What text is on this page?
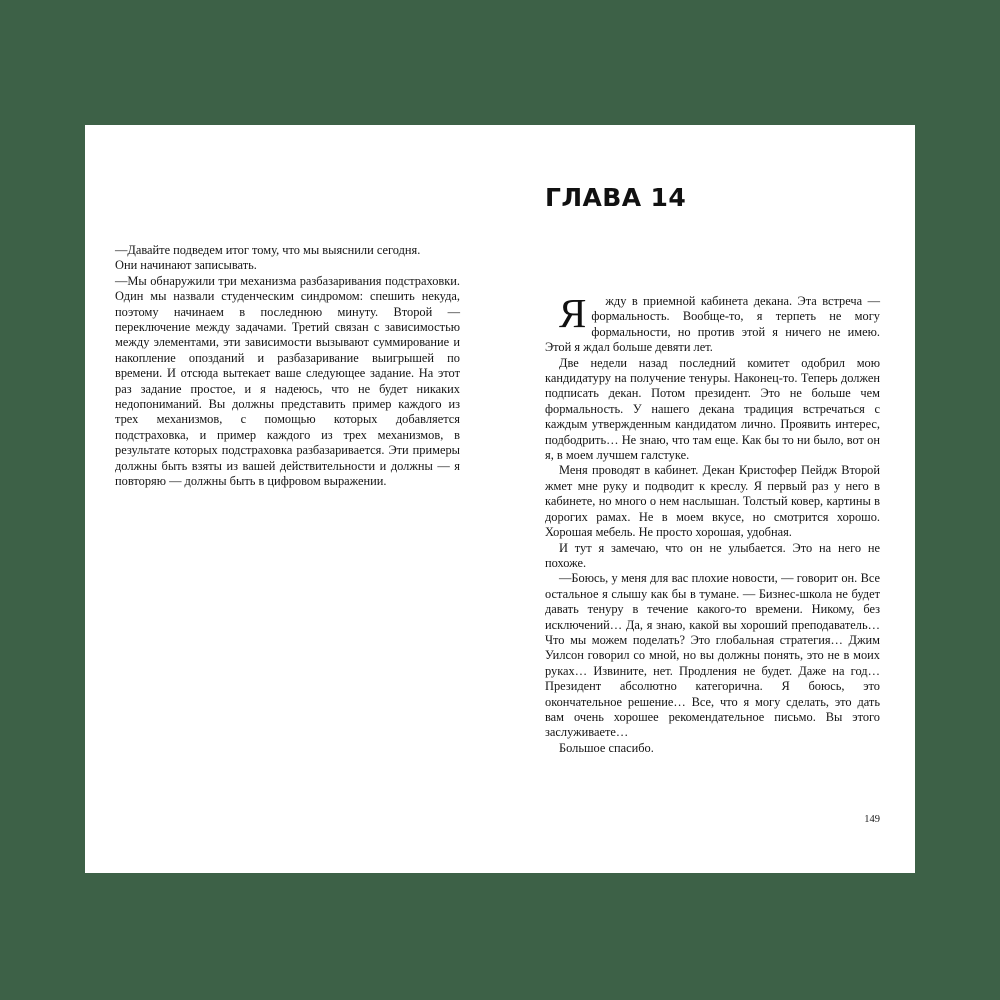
—Давайте подведем итог тому, что мы выяснили сегодня.

Они начинают записывать.

—Мы обнаружили три механизма разбазаривания подстраховки. Один мы назвали студенческим синдромом: спешить некуда, поэтому начинаем в последнюю минуту. Второй — переключение между задачами. Третий связан с зависимостью между элементами, эти зависимости вызывают суммирование и накопление опозданий и разбазаривание выигрышей по времени. И отсюда вытекает ваше следующее задание. На этот раз задание простое, и я надеюсь, что не будет никаких недопониманий. Вы должны представить пример каждого из трех механизмов, с помощью которых добавляется подстраховка, и пример каждого из трех механизмов, в результате которых подстраховка разбазаривается. Эти примеры должны быть взяты из вашей действительности и должны — я повторяю — должны быть в цифровом выражении.

ГЛАВА 14

Я	жду в приемной кабинета декана. Эта встреча — формальность. Вообще-то, я терпеть не могу формальности, но против этой я ничего не имею. Этой я ждал больше девяти лет.

Две недели назад последний комитет одобрил мою кандидатуру на получение тенуры. Наконец-то. Теперь должен подписать декан. Потом президент. Это не больше чем формальность. У нашего декана традиция встречаться с каждым утвержденным кандидатом лично. Проявить интерес, подбодрить… Не знаю, что там еще. Как бы то ни было, вот он я, в моем лучшем галстуке.

Меня проводят в кабинет. Декан Кристофер Пейдж Второй жмет мне руку и подводит к креслу. Я первый раз у него в кабинете, но много о нем наслышан. Толстый ковер, картины в дорогих рамах. Не в моем вкусе, но смотрится хорошо. Хорошая мебель. Не просто хорошая, удобная.

И тут я замечаю, что он не улыбается. Это на него не похоже.

—Боюсь, у меня для вас плохие новости, — говорит он. Все остальное я слышу как бы в тумане. — Бизнес-школа не будет давать тенуру в течение какого-то времени. Никому, без исключений… Да, я знаю, какой вы хороший преподаватель… Что мы можем поделать? Это глобальная стратегия… Джим Уилсон говорил со мной, но вы должны понять, это не в моих руках… Извините, нет. Продления не будет. Даже на год… Президент абсолютно категорична. Я боюсь, это окончательное решение… Все, что я могу сделать, это дать вам очень хорошее рекомендательное письмо. Вы этого заслуживаете…

Большое спасибо.

149
